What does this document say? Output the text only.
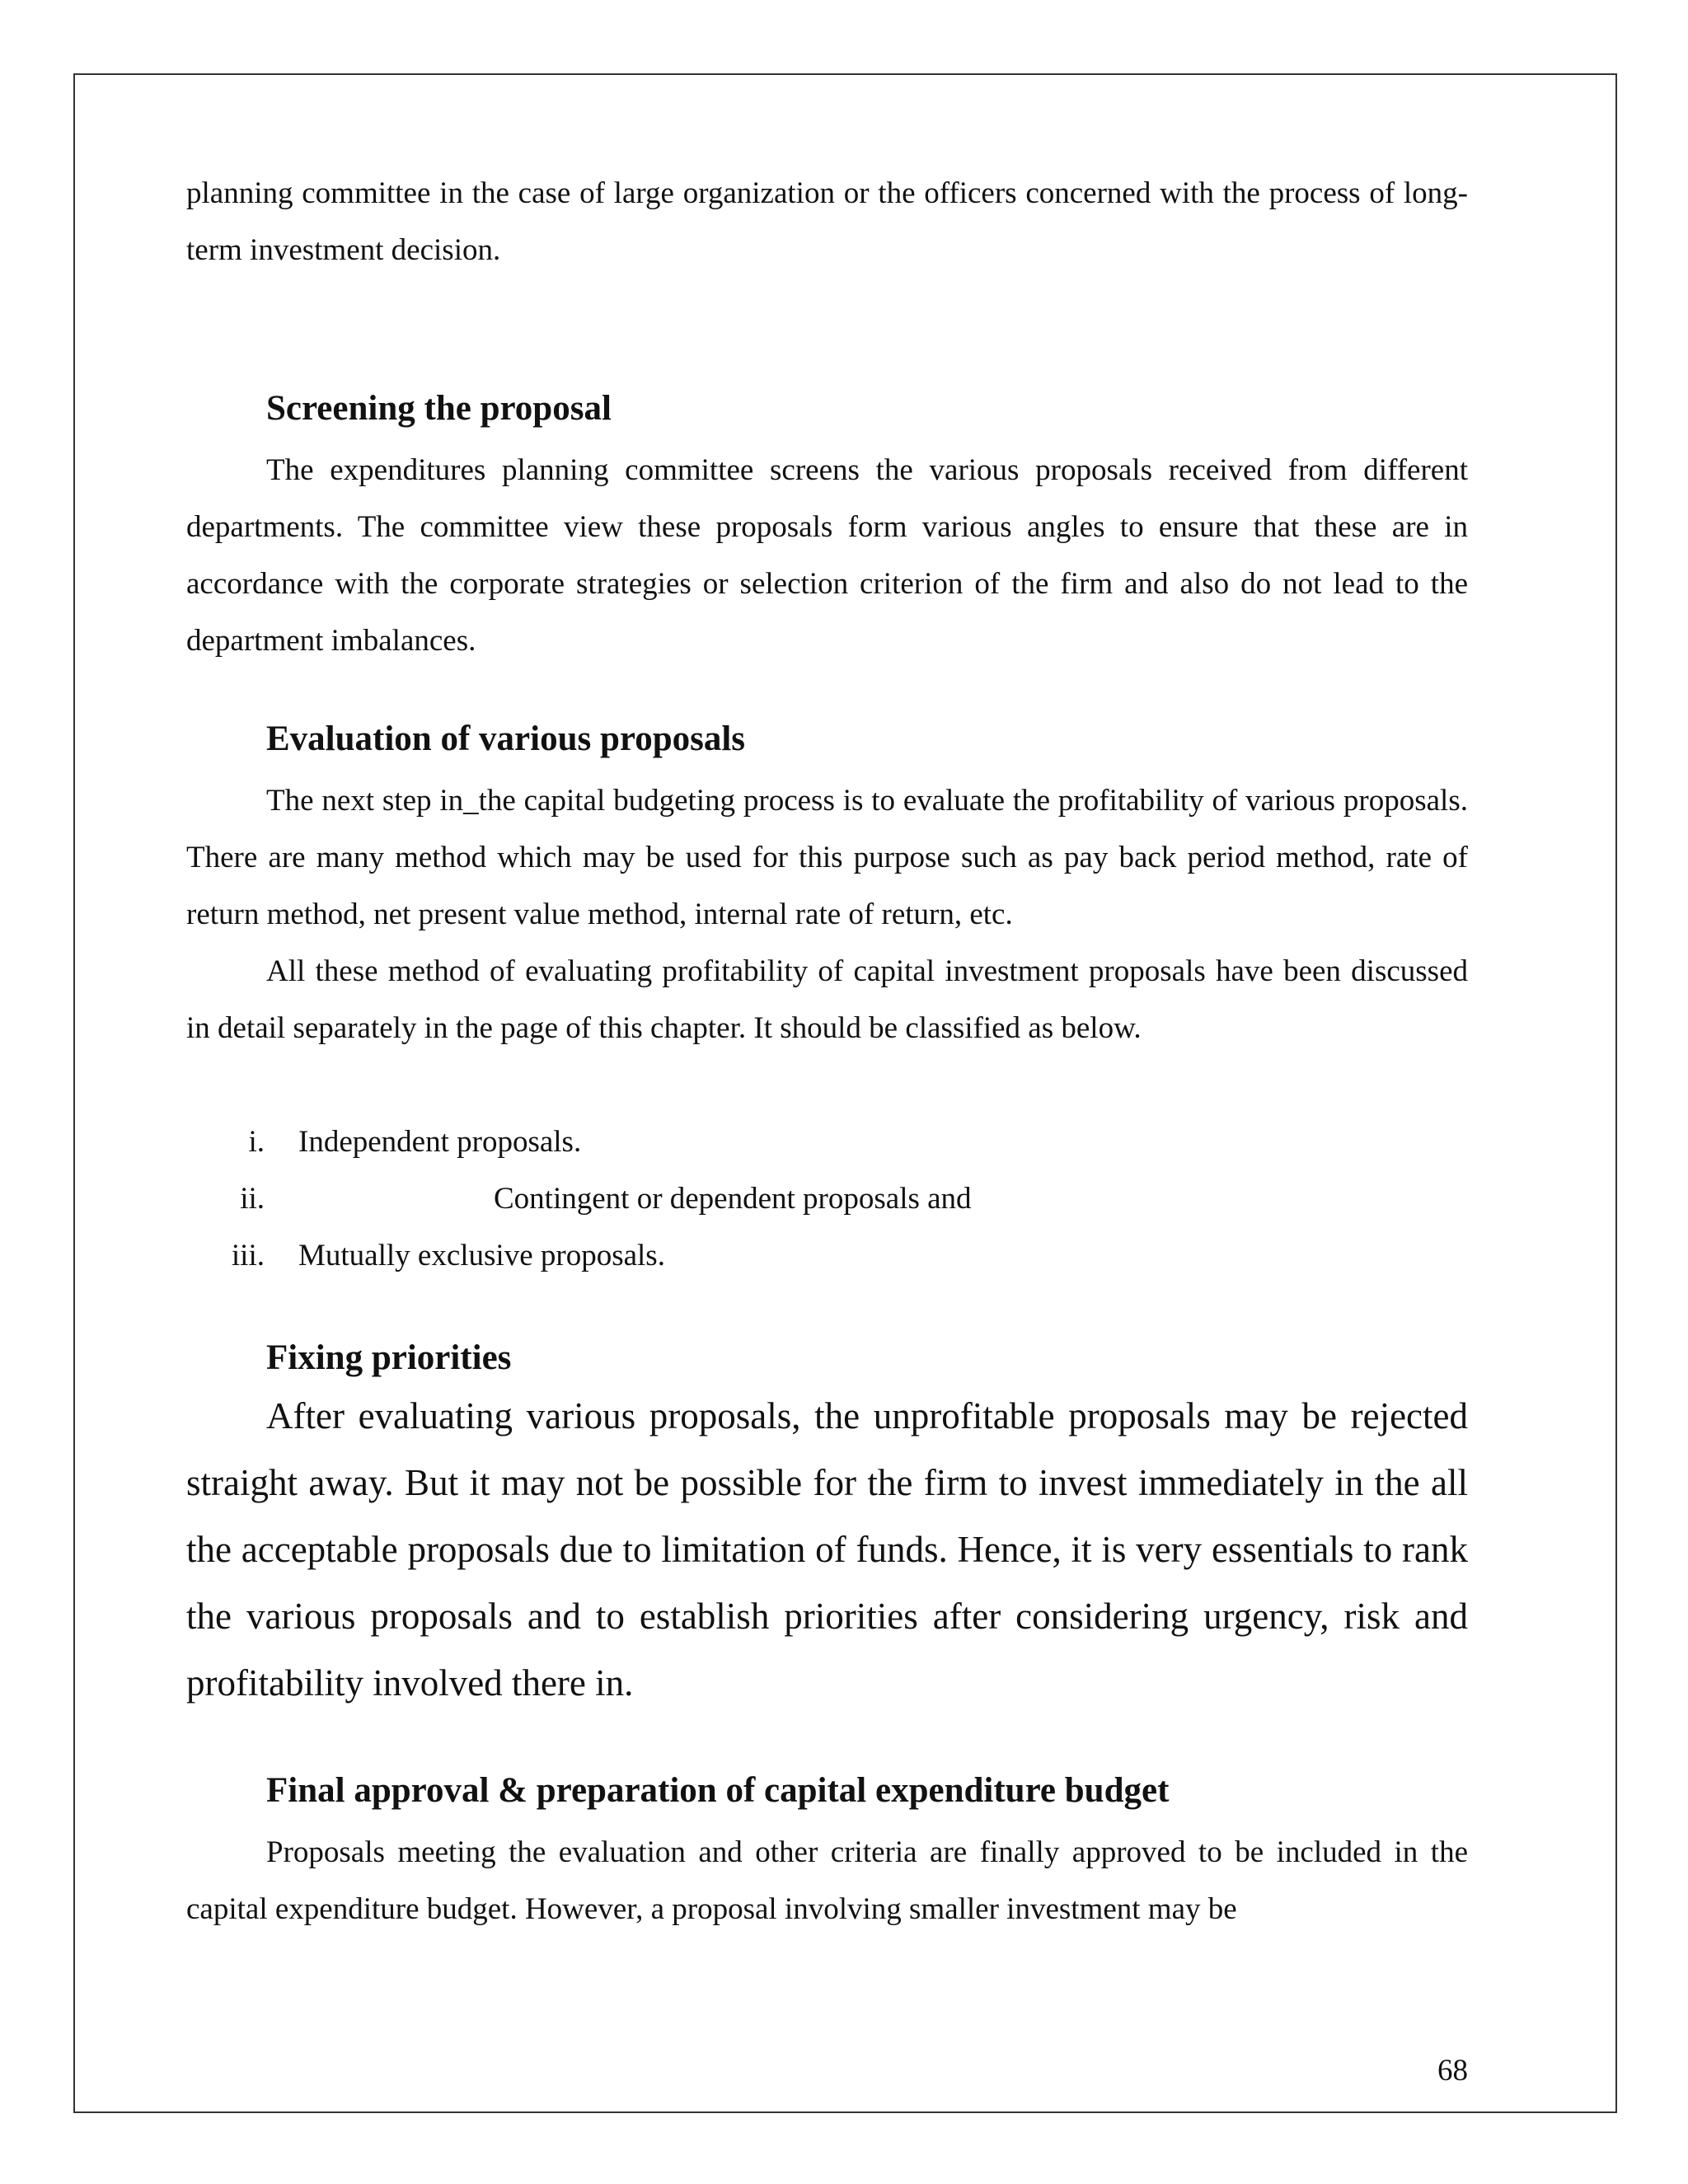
planning committee in the case of large organization or the officers concerned with the process of long-term investment decision.

Screening the proposal

The expenditures planning committee screens the various proposals received from different departments. The committee view these proposals form various angles to ensure that these are in accordance with the corporate strategies or selection criterion of the firm and also do not lead to the department imbalances.

Evaluation of various proposals

The next step in_the capital budgeting process is to evaluate the profitability of various proposals. There are many method which may be used for this purpose such as pay back period method, rate of return method, net present value method, internal rate of return, etc.

All these method of evaluating profitability of capital investment proposals have been discussed in detail separately in the page of this chapter. It should be classified as below.

i. Independent proposals.
ii.	Contingent or dependent proposals and
iii. Mutually exclusive proposals.
Fixing priorities

After evaluating various proposals, the unprofitable proposals may be rejected straight away. But it may not be possible for the firm to invest immediately in the all the acceptable proposals due to limitation of funds. Hence, it is very essentials to rank the various proposals and to establish priorities after considering urgency, risk and profitability involved there in.

Final approval & preparation of capital expenditure budget

Proposals meeting the evaluation and other criteria are finally approved to be included in the capital expenditure budget. However, a proposal involving smaller investment may be

68
